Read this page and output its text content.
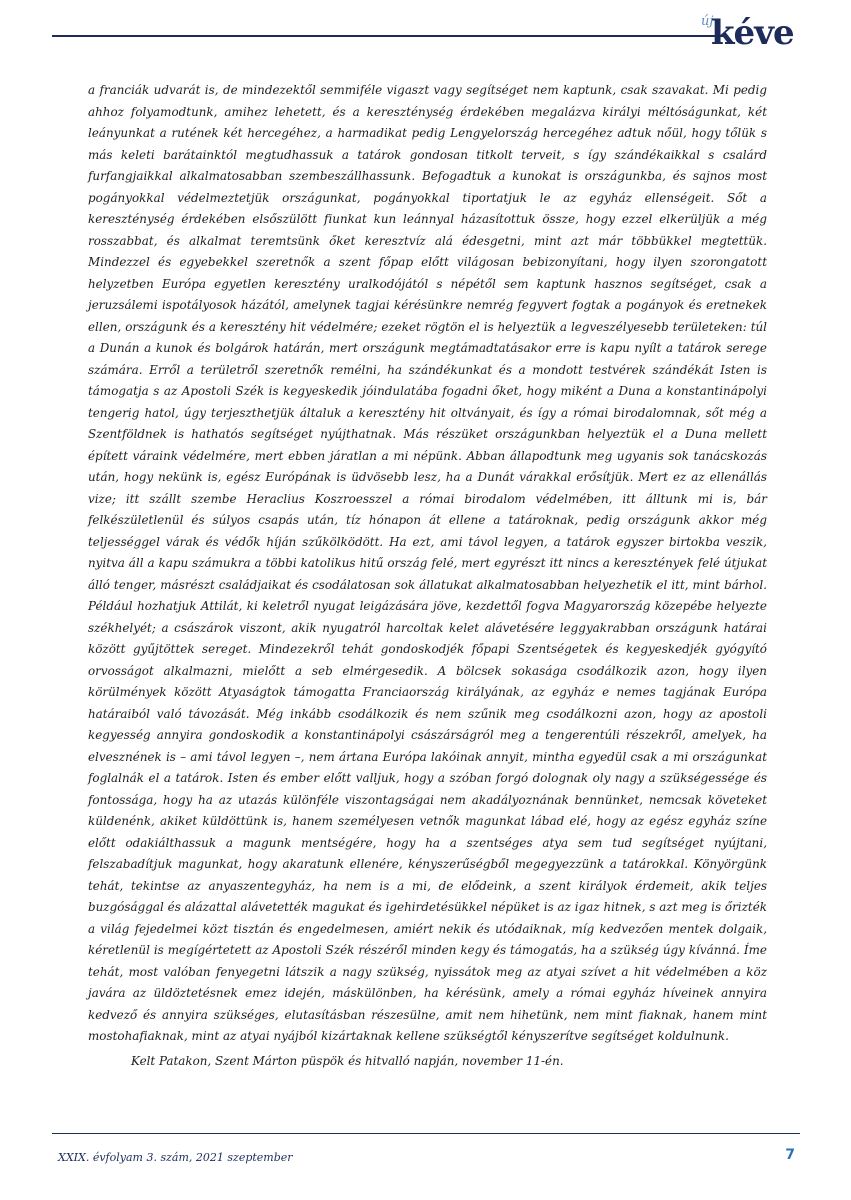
új
kéve

a franciák udvarát is, de mindezektől semmiféle vigaszt vagy segítséget nem kaptunk, csak szavakat. Mi pedig ahhoz folyamodtunk, amihez lehetett, és a kereszténység érdekében megalázva királyi méltóságunkat, két leányunkat a rutének két hercegéhez, a harmadikat pedig Lengyelország hercegéhez adtuk nőül, hogy tőlük s más keleti barátainktól megtudhassuk a tatárok gondosan titkolt terveit, s így szándékaikkal s csalárd furfangjaikkal alkalmatosabban szembeszállhassunk. Befogadtuk a kunokat is országunkba, és sajnos most pogányokkal védelmeztetjük országunkat, pogányokkal tiportatjuk le az egyház ellenségeit. Sőt a kereszténység érdekében elsőszülött fiunkat kun leánnyal házasítottuk össze, hogy ezzel elkerüljük a még rosszabbat, és alkalmat teremtsünk őket keresztvíz alá édesgetni, mint azt már többükkel megtettük. Mindezzel és egyebekkel szeretnők a szent főpap előtt világosan bebizonyítani, hogy ilyen szorongatott helyzetben Európa egyetlen keresztény uralkodójától s népétől sem kaptunk hasznos segítséget, csak a jeruzsálemi ispotályosok házától, amelynek tagjai kérésünkre nemrég fegyvert fogtak a pogányok és eretnekek ellen, országunk és a keresztény hit védelmére; ezeket rögtön el is helyeztük a legveszélyesebb területeken: túl a Dunán a kunok és bolgárok határán, mert országunk megtámadtatásakor erre is kapu nyílt a tatárok serege számára. Erről a területről szeretnők remélni, ha szándékunkat és a mondott testvérek szándékát Isten is támogatja s az Apostoli Szék is kegyeskedik jóindulatába fogadni őket, hogy miként a Duna a konstantinápolyi tengerig hatol, úgy terjeszthetjük általuk a keresztény hit oltványait, és így a római birodalomnak, sőt még a Szentföldnek is hathatós segítséget nyújthatnak. Más részüket országunkban helyeztük el a Duna mellett épített váraink védelmére, mert ebben járatlan a mi népünk. Abban állapodtunk meg ugyanis sok tanácskozás után, hogy nekünk is, egész Európának is üdvösebb lesz, ha a Dunát várakkal erősítjük. Mert ez az ellenállás vize; itt szállt szembe Heraclius Koszroesszel a római birodalom védelmében, itt álltunk mi is, bár felkészületlenül és súlyos csapás után, tíz hónapon át ellene a tatároknak, pedig országunk akkor még teljességgel várak és védők híján szűkölködött. Ha ezt, ami távol legyen, a tatárok egyszer birtokba veszik, nyitva áll a kapu számukra a többi katolikus hitű ország felé, mert egyrészt itt nincs a keresztények felé útjukat álló tenger, másrészt családjaikat és csodálatosan sok állatukat alkalmatosabban helyezhetik el itt, mint bárhol. Például hozhatjuk Attilát, ki keletről nyugat leigázására jöve, kezdettől fogva Magyarország közepébe helyezte székhelyét; a császárok viszont, akik nyugatról harcoltak kelet alávetésére leggyakrabban országunk határai között gyűjtöttek sereget. Mindezekről tehát gondoskodjék főpapi Szentségetek és kegyeskedjék gyógyító orvosságot alkalmazni, mielőtt a seb elmérgesedik. A bölcsek sokasága csodálkozik azon, hogy ilyen körülmények között Atyaságtok támogatta Franciaország királyának, az egyház e nemes tagjának Európa határaiból való távozását. Még inkább csodálkozik és nem szűnik meg csodálkozni azon, hogy az apostoli kegyesség annyira gondoskodik a konstantinápolyi császárságról meg a tengerentúli részekről, amelyek, ha elvesznének is – ami távol legyen –, nem ártana Európa lakóinak annyit, mintha egyedül csak a mi országunkat foglalnák el a tatárok. Isten és ember előtt valljuk, hogy a szóban forgó dolognak oly nagy a szükségessége és fontossága, hogy ha az utazás különféle viszontagságai nem akadályoznának bennünket, nemcsak követeket küldenénk, akiket küldöttünk is, hanem személyesen vetnők magunkat lábad elé, hogy az egész egyház színe előtt odakiálthassuk a magunk mentségére, hogy ha a szentséges atya sem tud segítséget nyújtani, felszabadítjuk magunkat, hogy akaratunk ellenére, kényszerűségből megegyezzünk a tatárokkal. Könyörgünk tehát, tekintse az anyaszentegyház, ha nem is a mi, de elődeink, a szent királyok érdemeit, akik teljes buzgósággal és alázattal alávetették magukat és igehirdetésükkel népüket is az igaz hitnek, s azt meg is őrizték a világ fejedelmei közt tisztán és engedelmesen, amiért nekik és utódaiknak, míg kedvezően mentek dolgaik, kéretlenül is megígértetett az Apostoli Szék részéről minden kegy és támogatás, ha a szükség úgy kívánná. Íme tehát, most valóban fenyegetni látszik a nagy szükség, nyissátok meg az atyai szívet a hit védelmében a köz javára az üldöztetésnek emez idején, máskülönben, ha kérésünk, amely a római egyház híveinek annyira kedvező és annyira szükséges, elutasításban részesülne, amit nem hihetünk, nem mint fiaknak, hanem mint mostohafiaknak, mint az atyai nyájból kizártaknak kellene szükségtől kényszerítve segítséget koldulnunk.

Kelt Patakon, Szent Márton püspök és hitvalló napján, november 11-én.

XXIX. évfolyam 3. szám, 2021 szeptember	7
